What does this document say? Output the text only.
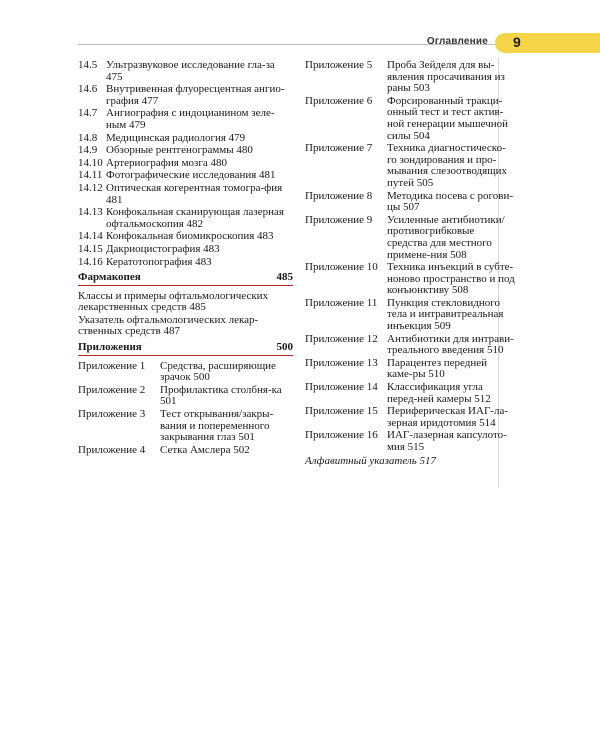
Оглавление 9
14.5 Ультразвуковое исследование гла-за 475
14.6 Внутривенная флуоресцентная ангио-графия 477
14.7 Ангиография с индоцианином зеле-ным 479
14.8 Медицинская радиология 479
14.9 Обзорные рентгенограммы 480
14.10 Артериография мозга 480
14.11 Фотографические исследования 481
14.12 Оптическая когерентная томогра-фия 481
14.13 Конфокальная сканирующая лазерная офтальмоскопия 482
14.14 Конфокальная биомикроскопия 483
14.15 Дакриоцистография 483
14.16 Кератотопография 483
Фармакопея	485
Классы и примеры офтальмологических лекарственных средств 485
Указатель офтальмологических лекар-ственных средств 487
Приложения	500
Приложение 1	Средства, расширяющие зрачок 500
Приложение 2	Профилактика столбня-ка 501
Приложение 3	Тест открывания/закры-вания и попеременного закрывания глаз 501
Приложение 4	Сетка Амслера 502
Приложение 5	Проба Зейделя для вы-явления просачивания из раны 503
Приложение 6	Форсированный тракци-онный тест и тест актив-ной генерации мышечной силы 504
Приложение 7	Техника диагностическо-го зондирования и про-мывания слезоотводящих путей 505
Приложение 8	Методика посева с рогови-цы 507
Приложение 9	Усиленные антибиотики/ противогрибковые средства для местного примене-ния 508
Приложение 10 Техника инъекций в субте-ноново пространство и под конъюнктиву 508
Приложение 11 Пункция стекловидного тела и интравитреальная инъекция 509
Приложение 12 Антибиотики для интрави-треального введения 510
Приложение 13 Парацентез передней каме-ры 510
Приложение 14 Классификация угла перед-ней камеры 512
Приложение 15 Периферическая ИАГ-ла-зерная иридотомия 514
Приложение 16 ИАГ-лазерная капсулото-мия 515
Алфавитный указатель 517
